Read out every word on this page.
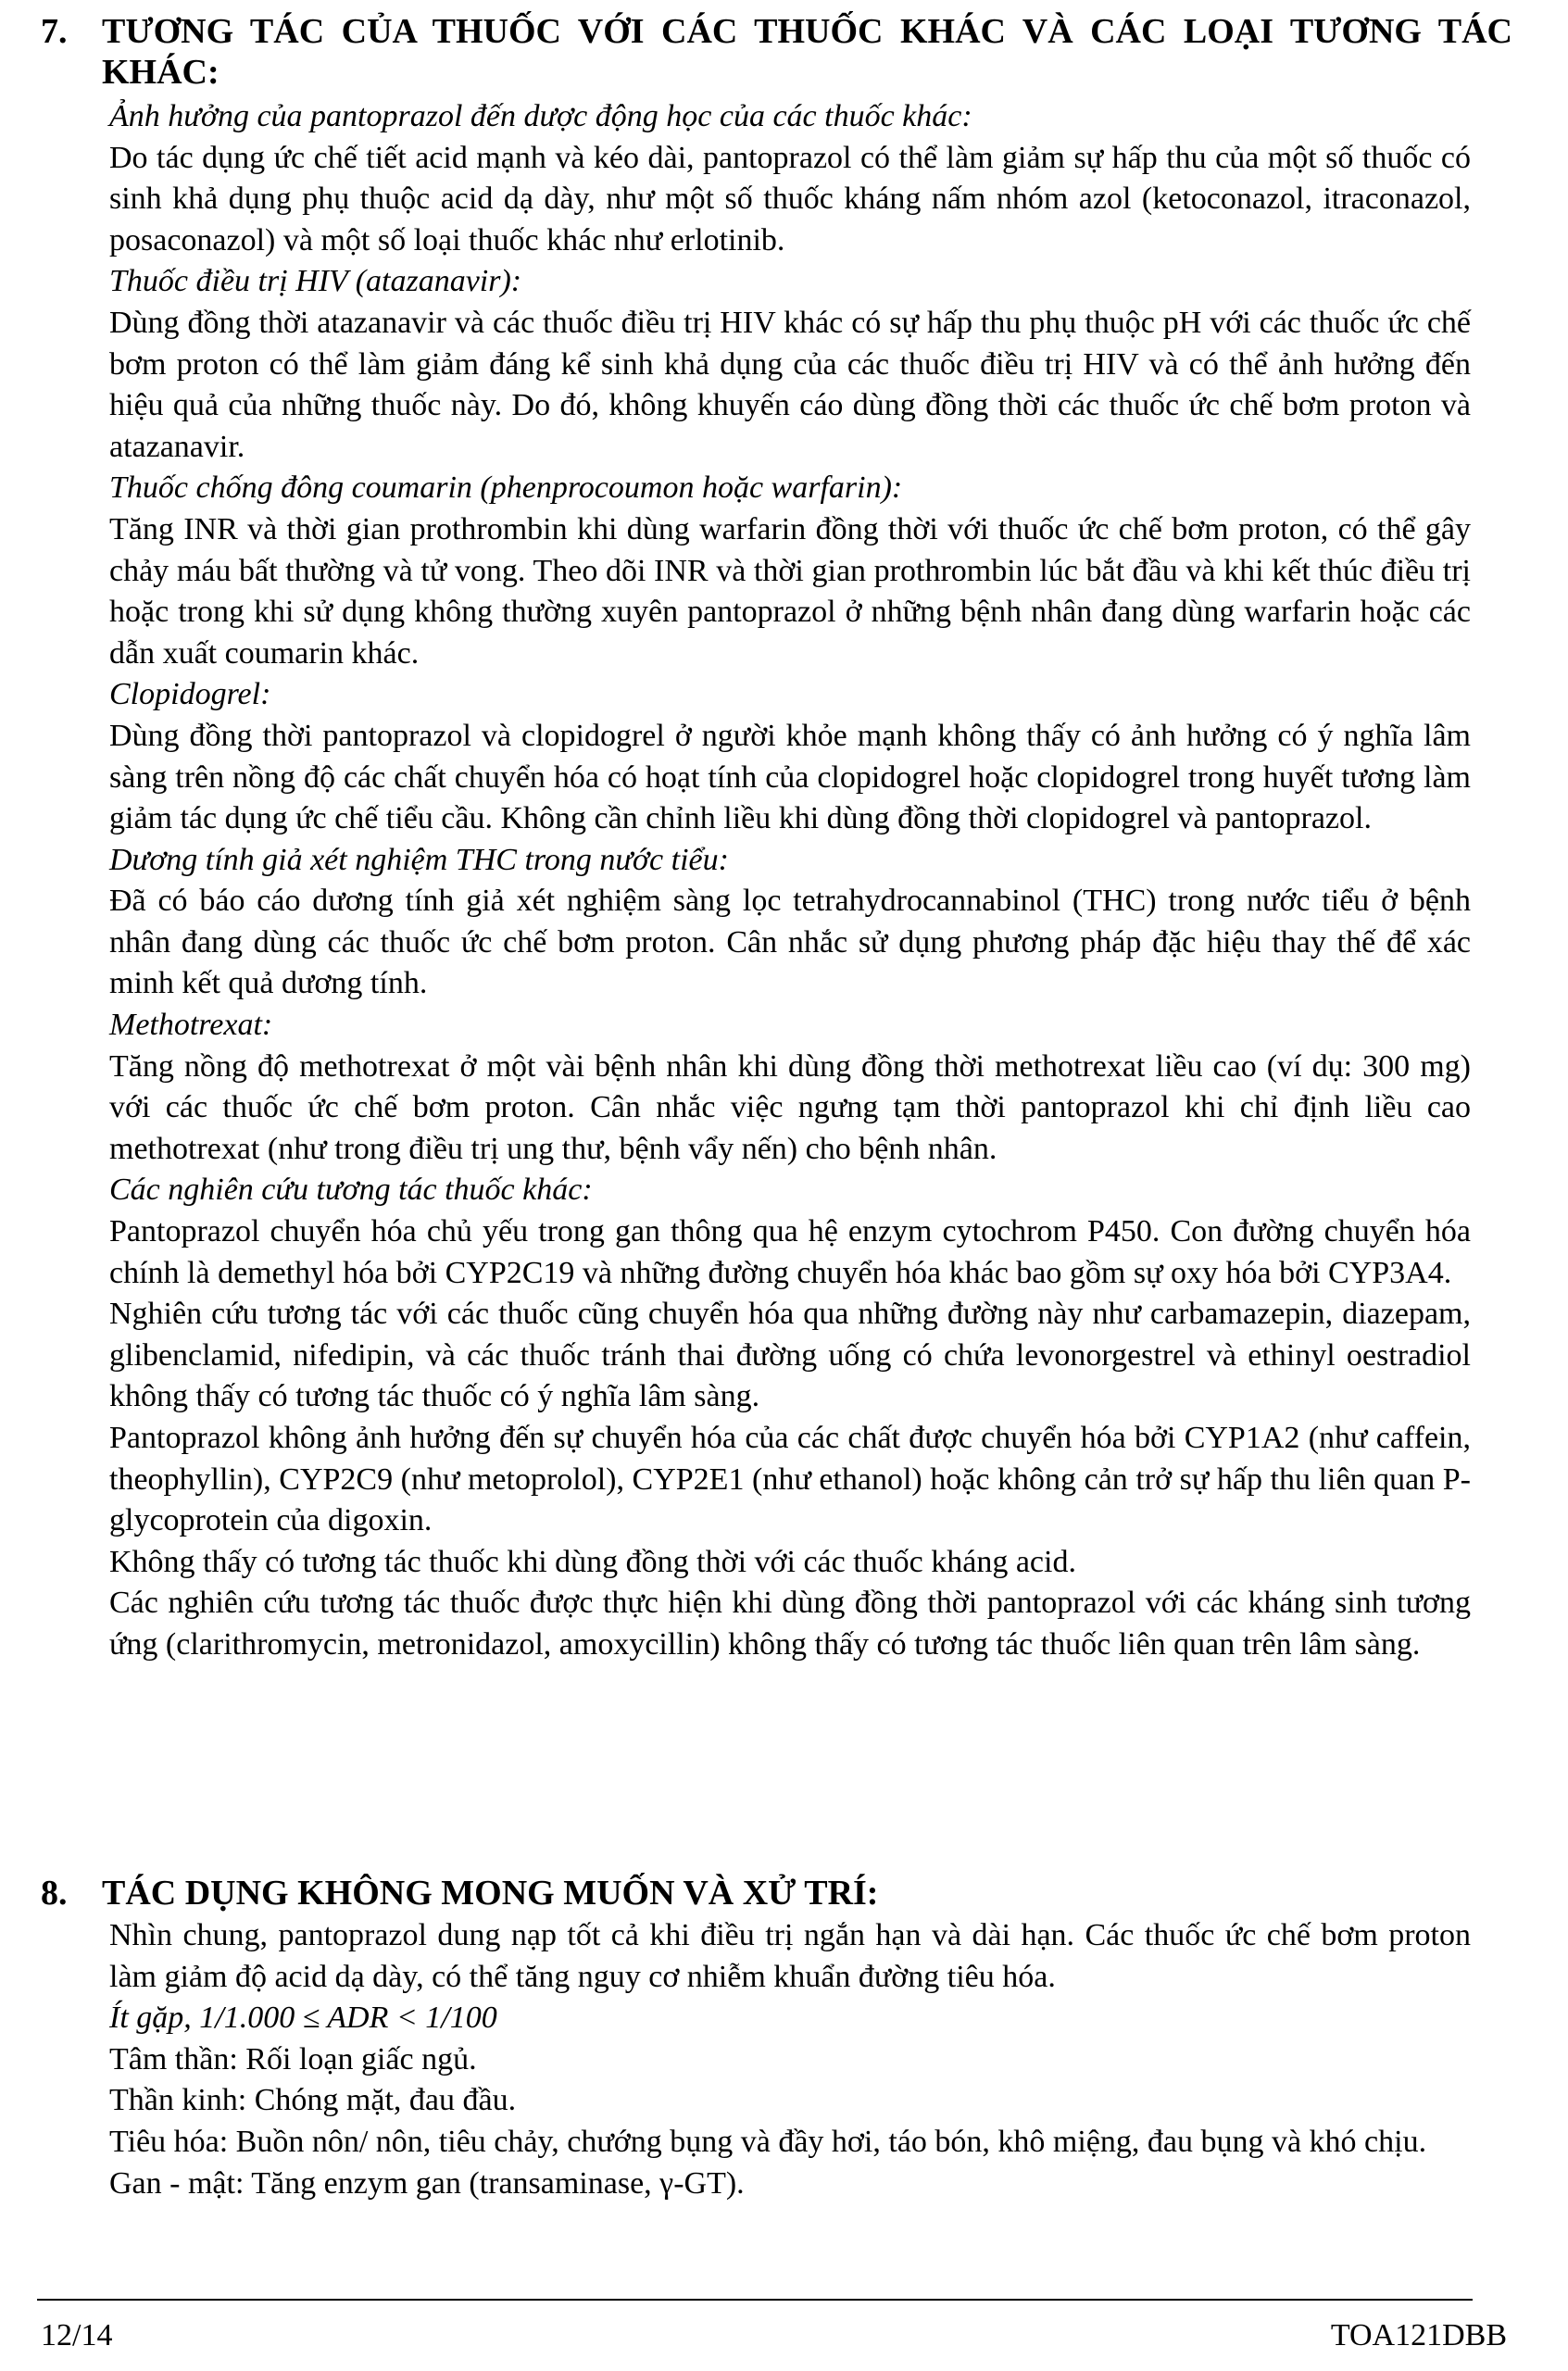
7. TƯƠNG TÁC CỦA THUỐC VỚI CÁC THUỐC KHÁC VÀ CÁC LOẠI TƯƠNG TÁC KHÁC:

Ảnh hưởng của pantoprazol đến dược động học của các thuốc khác:

Do tác dụng ức chế tiết acid mạnh và kéo dài, pantoprazol có thể làm giảm sự hấp thu của một số thuốc có sinh khả dụng phụ thuộc acid dạ dày, như một số thuốc kháng nấm nhóm azol (ketoconazol, itraconazol, posaconazol) và một số loại thuốc khác như erlotinib.

Thuốc điều trị HIV (atazanavir):

Dùng đồng thời atazanavir và các thuốc điều trị HIV khác có sự hấp thu phụ thuộc pH với các thuốc ức chế bơm proton có thể làm giảm đáng kể sinh khả dụng của các thuốc điều trị HIV và có thể ảnh hưởng đến hiệu quả của những thuốc này. Do đó, không khuyến cáo dùng đồng thời các thuốc ức chế bơm proton và atazanavir.

Thuốc chống đông coumarin (phenprocoumon hoặc warfarin):

Tăng INR và thời gian prothrombin khi dùng warfarin đồng thời với thuốc ức chế bơm proton, có thể gây chảy máu bất thường và tử vong. Theo dõi INR và thời gian prothrombin lúc bắt đầu và khi kết thúc điều trị hoặc trong khi sử dụng không thường xuyên pantoprazol ở những bệnh nhân đang dùng warfarin hoặc các dẫn xuất coumarin khác.

Clopidogrel:

Dùng đồng thời pantoprazol và clopidogrel ở người khỏe mạnh không thấy có ảnh hưởng có ý nghĩa lâm sàng trên nồng độ các chất chuyển hóa có hoạt tính của clopidogrel hoặc clopidogrel trong huyết tương làm giảm tác dụng ức chế tiểu cầu. Không cần chỉnh liều khi dùng đồng thời clopidogrel và pantoprazol.

Dương tính giả xét nghiệm THC trong nước tiểu:

Đã có báo cáo dương tính giả xét nghiệm sàng lọc tetrahydrocannabinol (THC) trong nước tiểu ở bệnh nhân đang dùng các thuốc ức chế bơm proton. Cân nhắc sử dụng phương pháp đặc hiệu thay thế để xác minh kết quả dương tính.

Methotrexat:

Tăng nồng độ methotrexat ở một vài bệnh nhân khi dùng đồng thời methotrexat liều cao (ví dụ: 300 mg) với các thuốc ức chế bơm proton. Cân nhắc việc ngưng tạm thời pantoprazol khi chỉ định liều cao methotrexat (như trong điều trị ung thư, bệnh vẩy nến) cho bệnh nhân.

Các nghiên cứu tương tác thuốc khác:

Pantoprazol chuyển hóa chủ yếu trong gan thông qua hệ enzym cytochrom P450. Con đường chuyển hóa chính là demethyl hóa bởi CYP2C19 và những đường chuyển hóa khác bao gồm sự oxy hóa bởi CYP3A4.

Nghiên cứu tương tác với các thuốc cũng chuyển hóa qua những đường này như carbamazepin, diazepam, glibenclamid, nifedipin, và các thuốc tránh thai đường uống có chứa levonorgestrel và ethinyl oestradiol không thấy có tương tác thuốc có ý nghĩa lâm sàng.

Pantoprazol không ảnh hưởng đến sự chuyển hóa của các chất được chuyển hóa bởi CYP1A2 (như caffein, theophyllin), CYP2C9 (như metoprolol), CYP2E1 (như ethanol) hoặc không cản trở sự hấp thu liên quan P-glycoprotein của digoxin.

Không thấy có tương tác thuốc khi dùng đồng thời với các thuốc kháng acid.

Các nghiên cứu tương tác thuốc được thực hiện khi dùng đồng thời pantoprazol với các kháng sinh tương ứng (clarithromycin, metronidazol, amoxycillin) không thấy có tương tác thuốc liên quan trên lâm sàng.

8. TÁC DỤNG KHÔNG MONG MUỐN VÀ XỬ TRÍ:

Nhìn chung, pantoprazol dung nạp tốt cả khi điều trị ngắn hạn và dài hạn. Các thuốc ức chế bơm proton làm giảm độ acid dạ dày, có thể tăng nguy cơ nhiễm khuẩn đường tiêu hóa.

Ít gặp, 1/1.000 ≤ ADR < 1/100

Tâm thần: Rối loạn giấc ngủ.

Thần kinh: Chóng mặt, đau đầu.

Tiêu hóa: Buồn nôn/ nôn, tiêu chảy, chướng bụng và đầy hơi, táo bón, khô miệng, đau bụng và khó chịu.

Gan - mật: Tăng enzym gan (transaminase, γ-GT).

12/14	TOA121DBB
